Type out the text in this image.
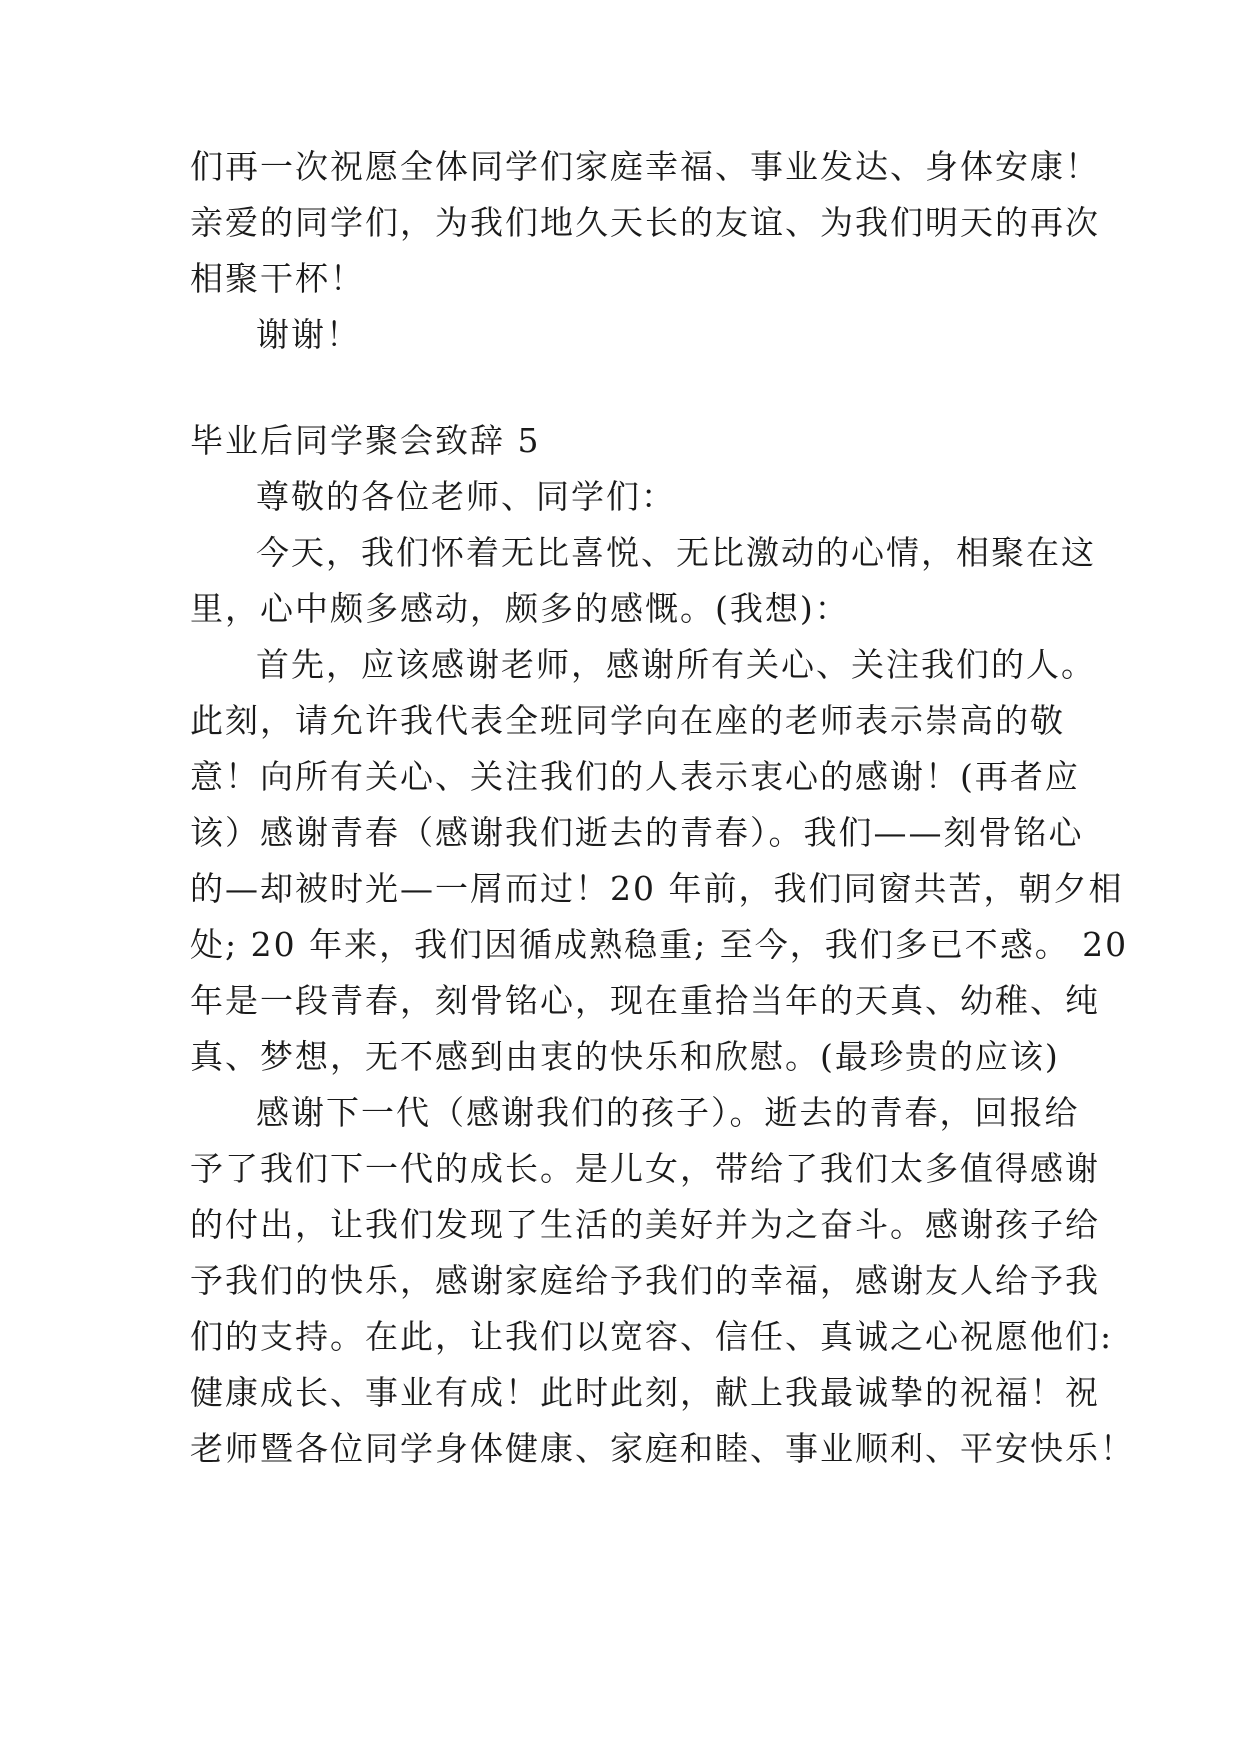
们再一次祝愿全体同学们家庭幸福、事业发达、身体安康！
亲爱的同学们，为我们地久天长的友谊、为我们明天的再次
相聚干杯！
谢谢！
毕业后同学聚会致辞 5
尊敬的各位老师、同学们：
今天，我们怀着无比喜悦、无比激动的心情，相聚在这
里，心中颇多感动，颇多的感慨。(我想)：
首先，应该感谢老师，感谢所有关心、关注我们的人。
此刻，请允许我代表全班同学向在座的老师表示崇高的敬
意！向所有关心、关注我们的人表示衷心的感谢！(再者应
该）感谢青春（感谢我们逝去的青春）。我们——刻骨铭心
的—却被时光—一屑而过！20 年前，我们同窗共苦，朝夕相
处; 20 年来，我们因循成熟稳重; 至今，我们多已不惑。 20
年是一段青春，刻骨铭心，现在重拾当年的天真、幼稚、纯
真、梦想，无不感到由衷的快乐和欣慰。(最珍贵的应该)
感谢下一代（感谢我们的孩子）。逝去的青春，回报给
予了我们下一代的成长。是儿女，带给了我们太多值得感谢
的付出，让我们发现了生活的美好并为之奋斗。感谢孩子给
予我们的快乐，感谢家庭给予我们的幸福，感谢友人给予我
们的支持。在此，让我们以宽容、信任、真诚之心祝愿他们:
健康成长、事业有成！此时此刻，献上我最诚挚的祝福！祝
老师暨各位同学身体健康、家庭和睦、事业顺利、平安快乐！
